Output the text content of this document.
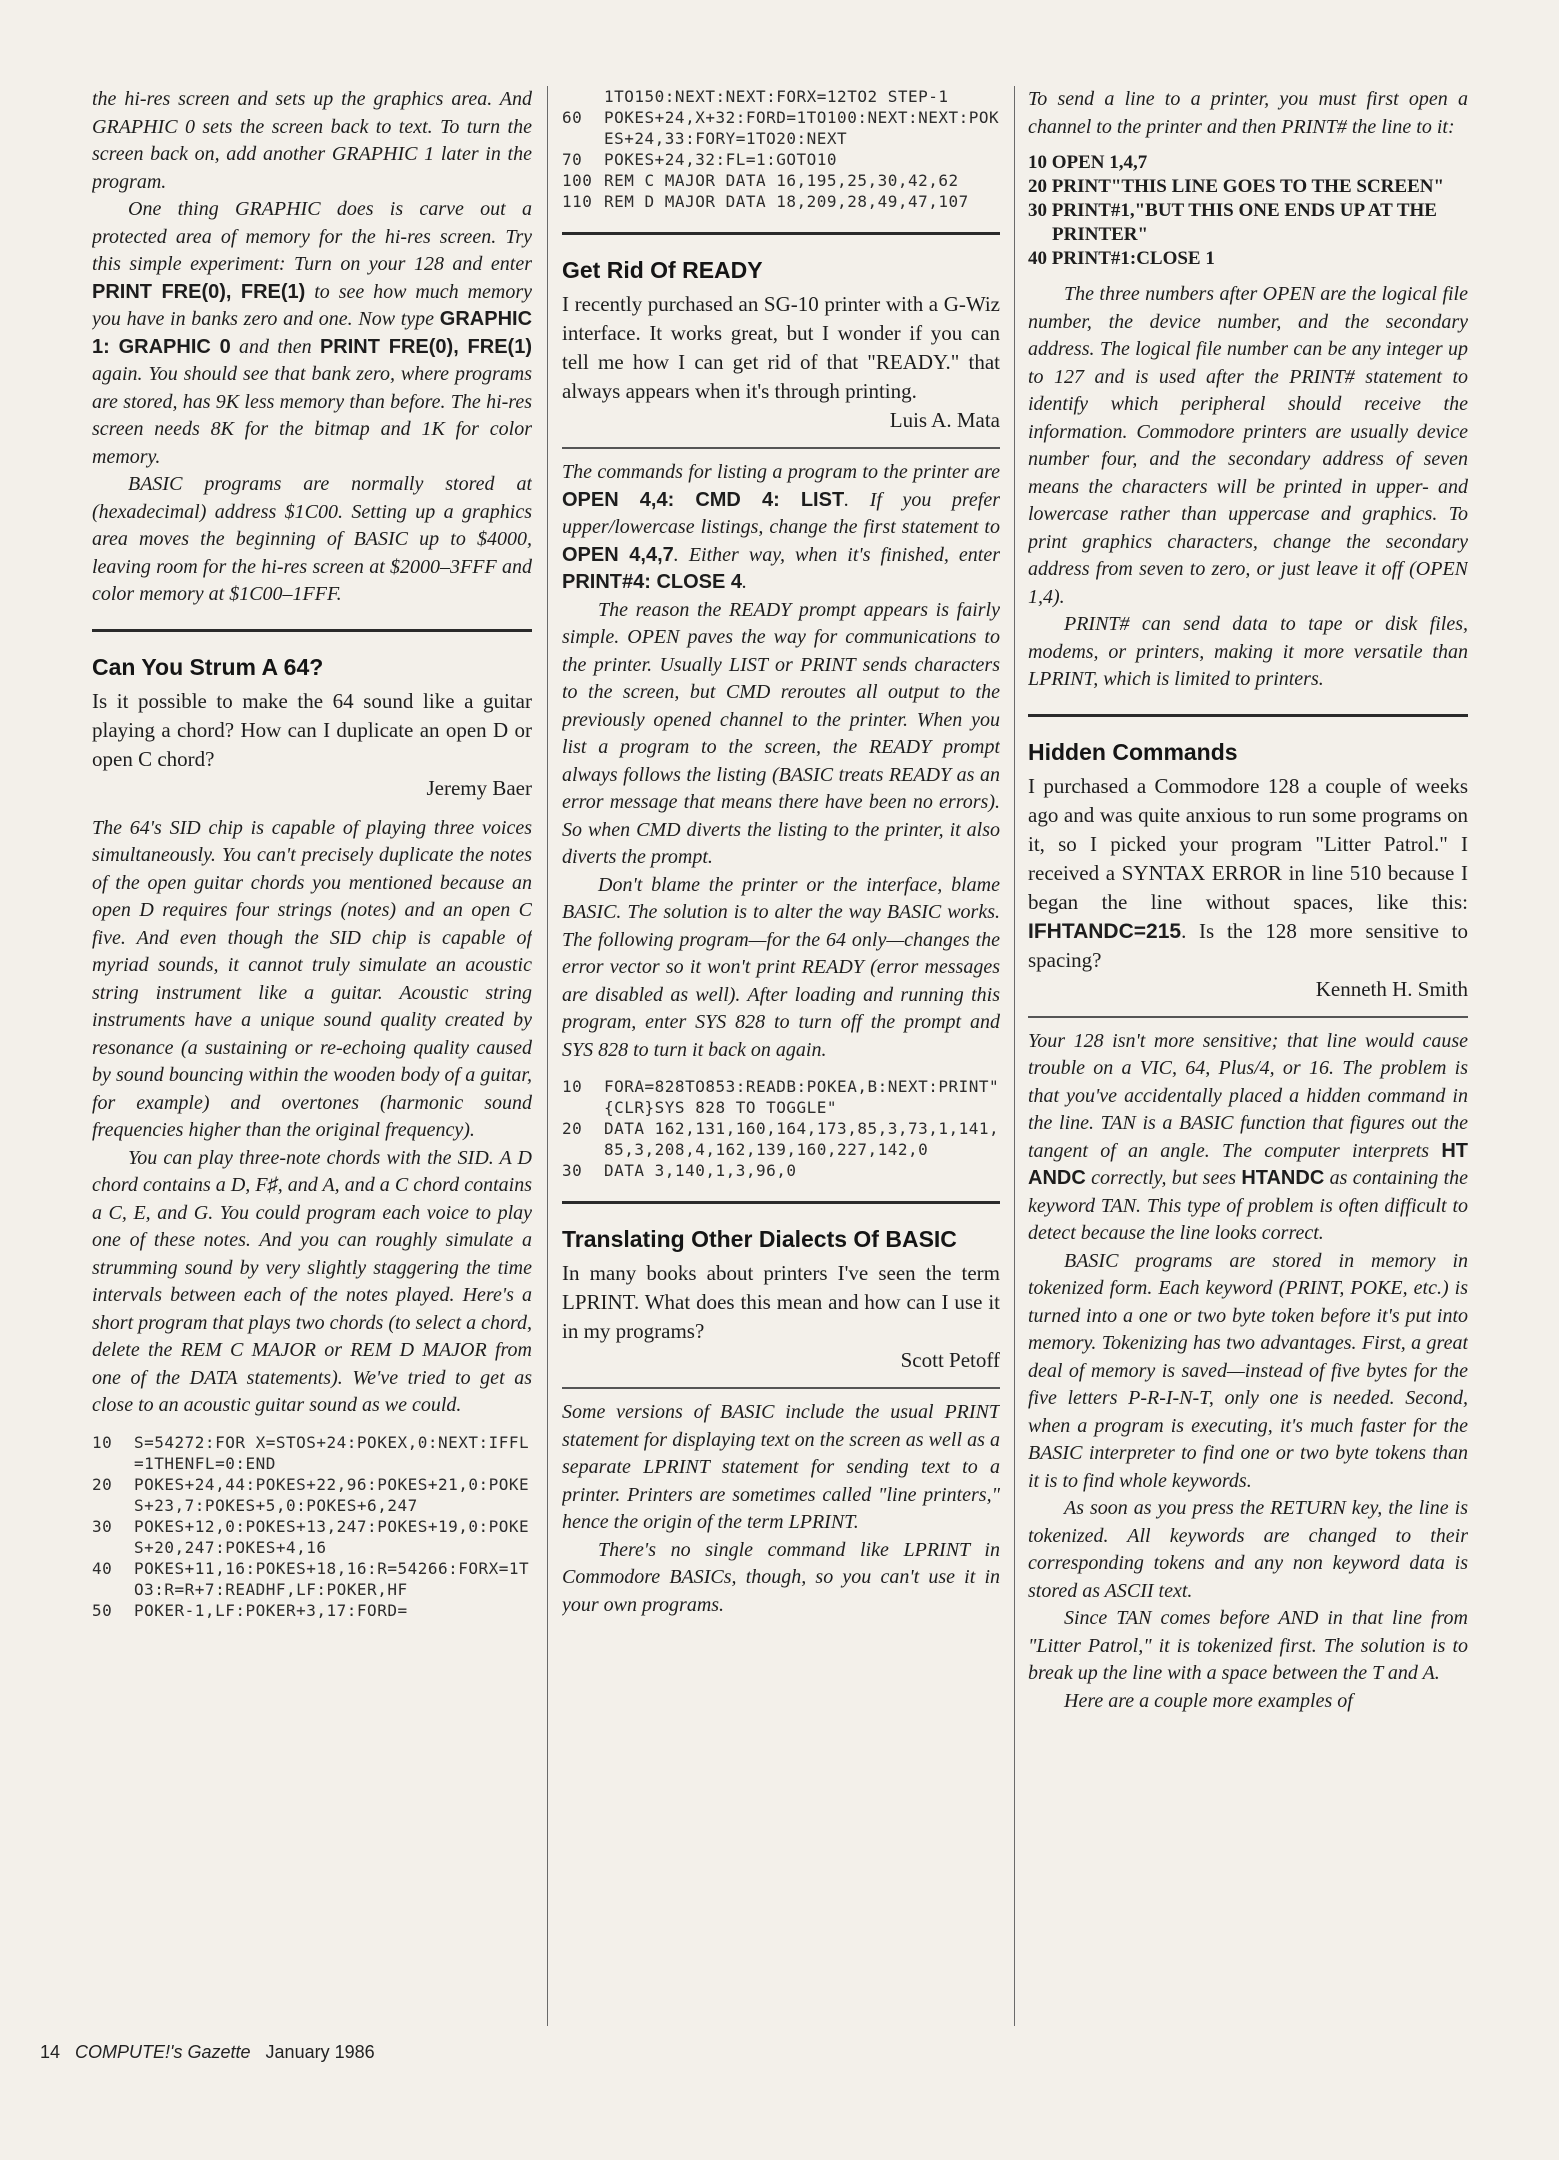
the hi-res screen and sets up the graphics area. And GRAPHIC 0 sets the screen back to text. To turn the screen back on, add another GRAPHIC 1 later in the program.

One thing GRAPHIC does is carve out a protected area of memory for the hi-res screen. Try this simple experiment: Turn on your 128 and enter PRINT FRE(0), FRE(1) to see how much memory you have in banks zero and one. Now type GRAPHIC 1: GRAPHIC 0 and then PRINT FRE(0), FRE(1) again. You should see that bank zero, where programs are stored, has 9K less memory than before. The hi-res screen needs 8K for the bitmap and 1K for color memory.

BASIC programs are normally stored at (hexadecimal) address $1C00. Setting up a graphics area moves the beginning of BASIC up to $4000, leaving room for the hi-res screen at $2000–3FFF and color memory at $1C00–1FFF.

Can You Strum A 64?

Is it possible to make the 64 sound like a guitar playing a chord? How can I duplicate an open D or open C chord?

Jeremy Baer

The 64's SID chip is capable of playing three voices simultaneously. You can't precisely duplicate the notes of the open guitar chords you mentioned because an open D requires four strings (notes) and an open C five. And even though the SID chip is capable of myriad sounds, it cannot truly simulate an acoustic string instrument like a guitar. Acoustic string instruments have a unique sound quality created by resonance (a sustaining or re-echoing quality caused by sound bouncing within the wooden body of a guitar, for example) and overtones (harmonic sound frequencies higher than the original frequency).

You can play three-note chords with the SID. A D chord contains a D, F♯, and A, and a C chord contains a C, E, and G. You could program each voice to play one of these notes. And you can roughly simulate a strumming sound by very slightly staggering the time intervals between each of the notes played. Here's a short program that plays two chords (to select a chord, delete the REM C MAJOR or REM D MAJOR from one of the DATA statements). We've tried to get as close to an acoustic guitar sound as we could.

10 S=54272:FOR X=STOS+24:POKEX,0:NEXT:IFFL=1THENFL=0:END
20 POKES+24,44:POKES+22,96:POKES+21,0:POKES+23,7:POKES+5,0:POKES+6,247
30 POKES+12,0:POKES+13,247:POKES+19,0:POKES+20,247:POKES+4,16
40 POKES+11,16:POKES+18,16:R=54266:FORX=1TO3:R=R+7:READHF,LF:POKER,HF
50 POKER-1,LF:POKER+3,17:FORD=
1TO150:NEXT:NEXT:FORX=12TO2 STEP-1
60 POKES+24,X+32:FORD=1TO100:NEXT:NEXT:POKES+24,33:FORY=1TO20:NEXT
70 POKES+24,32:FL=1:GOTO10
100 REM C MAJOR DATA 16,195,25,30,42,62
110 REM D MAJOR DATA 18,209,28,49,47,107
Get Rid Of READY

I recently purchased an SG-10 printer with a G-Wiz interface. It works great, but I wonder if you can tell me how I can get rid of that "READY." that always appears when it's through printing.

Luis A. Mata

The commands for listing a program to the printer are OPEN 4,4: CMD 4: LIST. If you prefer upper/lowercase listings, change the first statement to OPEN 4,4,7. Either way, when it's finished, enter PRINT#4: CLOSE 4.

The reason the READY prompt appears is fairly simple. OPEN paves the way for communications to the printer. Usually LIST or PRINT sends characters to the screen, but CMD reroutes all output to the previously opened channel to the printer. When you list a program to the screen, the READY prompt always follows the listing (BASIC treats READY as an error message that means there have been no errors). So when CMD diverts the listing to the printer, it also diverts the prompt.

Don't blame the printer or the interface, blame BASIC. The solution is to alter the way BASIC works. The following program—for the 64 only—changes the error vector so it won't print READY (error messages are disabled as well). After loading and running this program, enter SYS 828 to turn off the prompt and SYS 828 to turn it back on again.

10 FORA=828TO853:READB:POKEA,B:NEXT:PRINT"{CLR}SYS 828 TO TOGGLE"
20 DATA 162,131,160,164,173,85,3,73,1,141,85,3,208,4,162,139,160,227,142,0
30 DATA 3,140,1,3,96,0
Translating Other Dialects Of BASIC

In many books about printers I've seen the term LPRINT. What does this mean and how can I use it in my programs?

Scott Petoff

Some versions of BASIC include the usual PRINT statement for displaying text on the screen as well as a separate LPRINT statement for sending text to a printer. Printers are sometimes called "line printers," hence the origin of the term LPRINT.

There's no single command like LPRINT in Commodore BASICs, though, so you can't use it in your own programs.

To send a line to a printer, you must first open a channel to the printer and then PRINT# the line to it:

10 OPEN 1,4,7
20 PRINT"THIS LINE GOES TO THE SCREEN"
30 PRINT#1,"BUT THIS ONE ENDS UP AT THE PRINTER"
40 PRINT#1:CLOSE 1

The three numbers after OPEN are the logical file number, the device number, and the secondary address. The logical file number can be any integer up to 127 and is used after the PRINT# statement to identify which peripheral should receive the information. Commodore printers are usually device number four, and the secondary address of seven means the characters will be printed in upper- and lowercase rather than uppercase and graphics. To print graphics characters, change the secondary address from seven to zero, or just leave it off (OPEN 1,4).

PRINT# can send data to tape or disk files, modems, or printers, making it more versatile than LPRINT, which is limited to printers.

Hidden Commands

I purchased a Commodore 128 a couple of weeks ago and was quite anxious to run some programs on it, so I picked your program "Litter Patrol." I received a SYNTAX ERROR in line 510 because I began the line without spaces, like this: IFHTANDC=215. Is the 128 more sensitive to spacing?

Kenneth H. Smith

Your 128 isn't more sensitive; that line would cause trouble on a VIC, 64, Plus/4, or 16. The problem is that you've accidentally placed a hidden command in the line. TAN is a BASIC function that figures out the tangent of an angle. The computer interprets HT ANDC correctly, but sees HTANDC as containing the keyword TAN. This type of problem is often difficult to detect because the line looks correct.

BASIC programs are stored in memory in tokenized form. Each keyword (PRINT, POKE, etc.) is turned into a one or two byte token before it's put into memory. Tokenizing has two advantages. First, a great deal of memory is saved—instead of five bytes for the five letters P-R-I-N-T, only one is needed. Second, when a program is executing, it's much faster for the BASIC interpreter to find one or two byte tokens than it is to find whole keywords.

As soon as you press the RETURN key, the line is tokenized. All keywords are changed to their corresponding tokens and any non keyword data is stored as ASCII text.

Since TAN comes before AND in that line from "Litter Patrol," it is tokenized first. The solution is to break up the line with a space between the T and A.

Here are a couple more examples of

14 COMPUTE!'s Gazette January 1986
